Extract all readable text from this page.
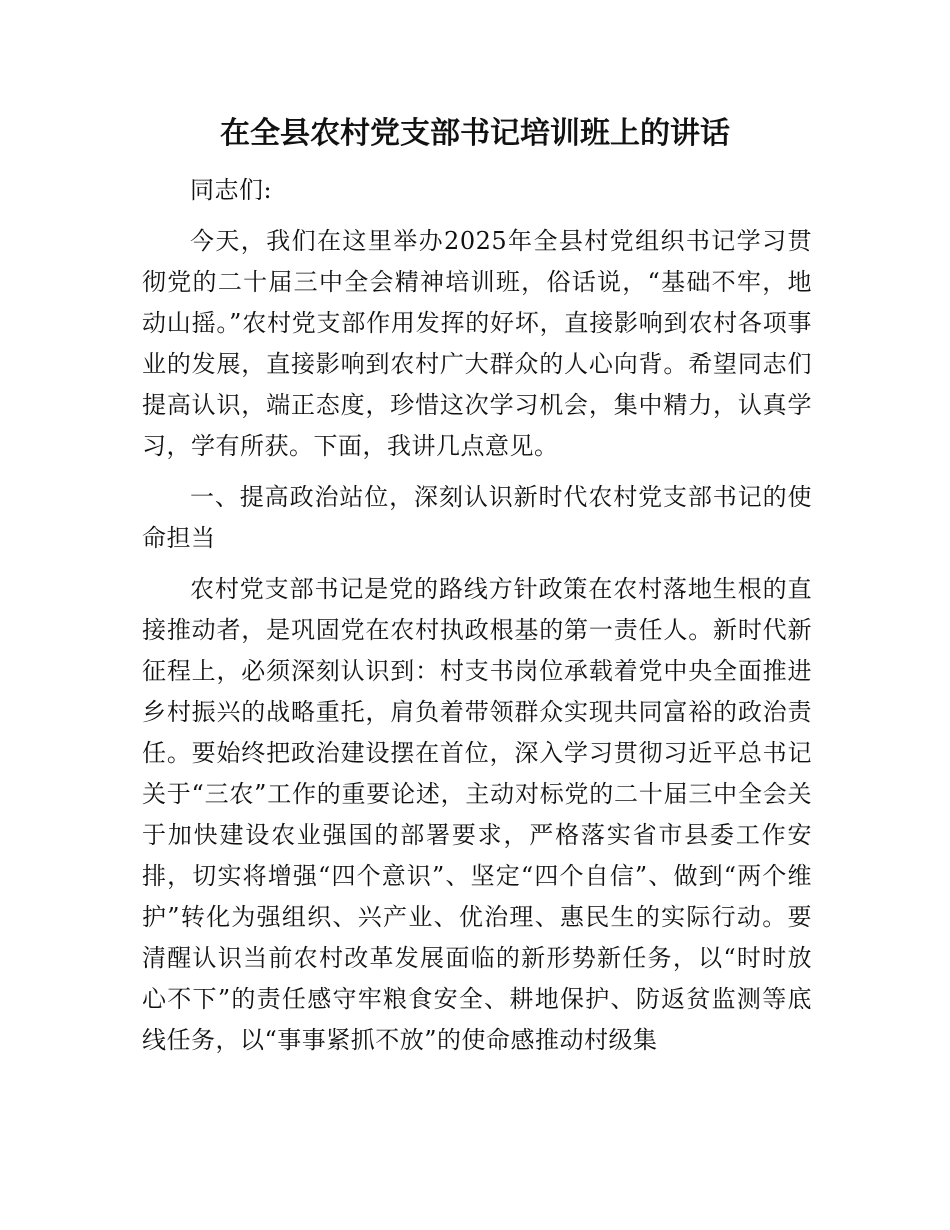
在全县农村党支部书记培训班上的讲话

同志们:

今天，我们在这里举办2025年全县村党组织书记学习贯彻党的二十届三中全会精神培训班，俗话说，“基础不牢，地动山摇。”农村党支部作用发挥的好坏，直接影响到农村各项事业的发展，直接影响到农村广大群众的人心向背。希望同志们提高认识，端正态度，珍惜这次学习机会，集中精力，认真学习，学有所获。下面，我讲几点意见。

一、提高政治站位，深刻认识新时代农村党支部书记的使命担当

农村党支部书记是党的路线方针政策在农村落地生根的直接推动者，是巩固党在农村执政根基的第一责任人。新时代新征程上，必须深刻认识到：村支书岗位承载着党中央全面推进乡村振兴的战略重托，肩负着带领群众实现共同富裕的政治责任。要始终把政治建设摆在首位，深入学习贯彻习近平总书记关于“三农”工作的重要论述，主动对标党的二十届三中全会关于加快建设农业强国的部署要求，严格落实省市县委工作安排，切实将增强“四个意识”、坚定“四个自信”、做到“两个维护”转化为强组织、兴产业、优治理、惠民生的实际行动。要清醒认识当前农村改革发展面临的新形势新任务，以“时时放心不下”的责任感守牢粮食安全、耕地保护、防返贫监测等底线任务，以“事事紧抓不放”的使命感推动村级集
